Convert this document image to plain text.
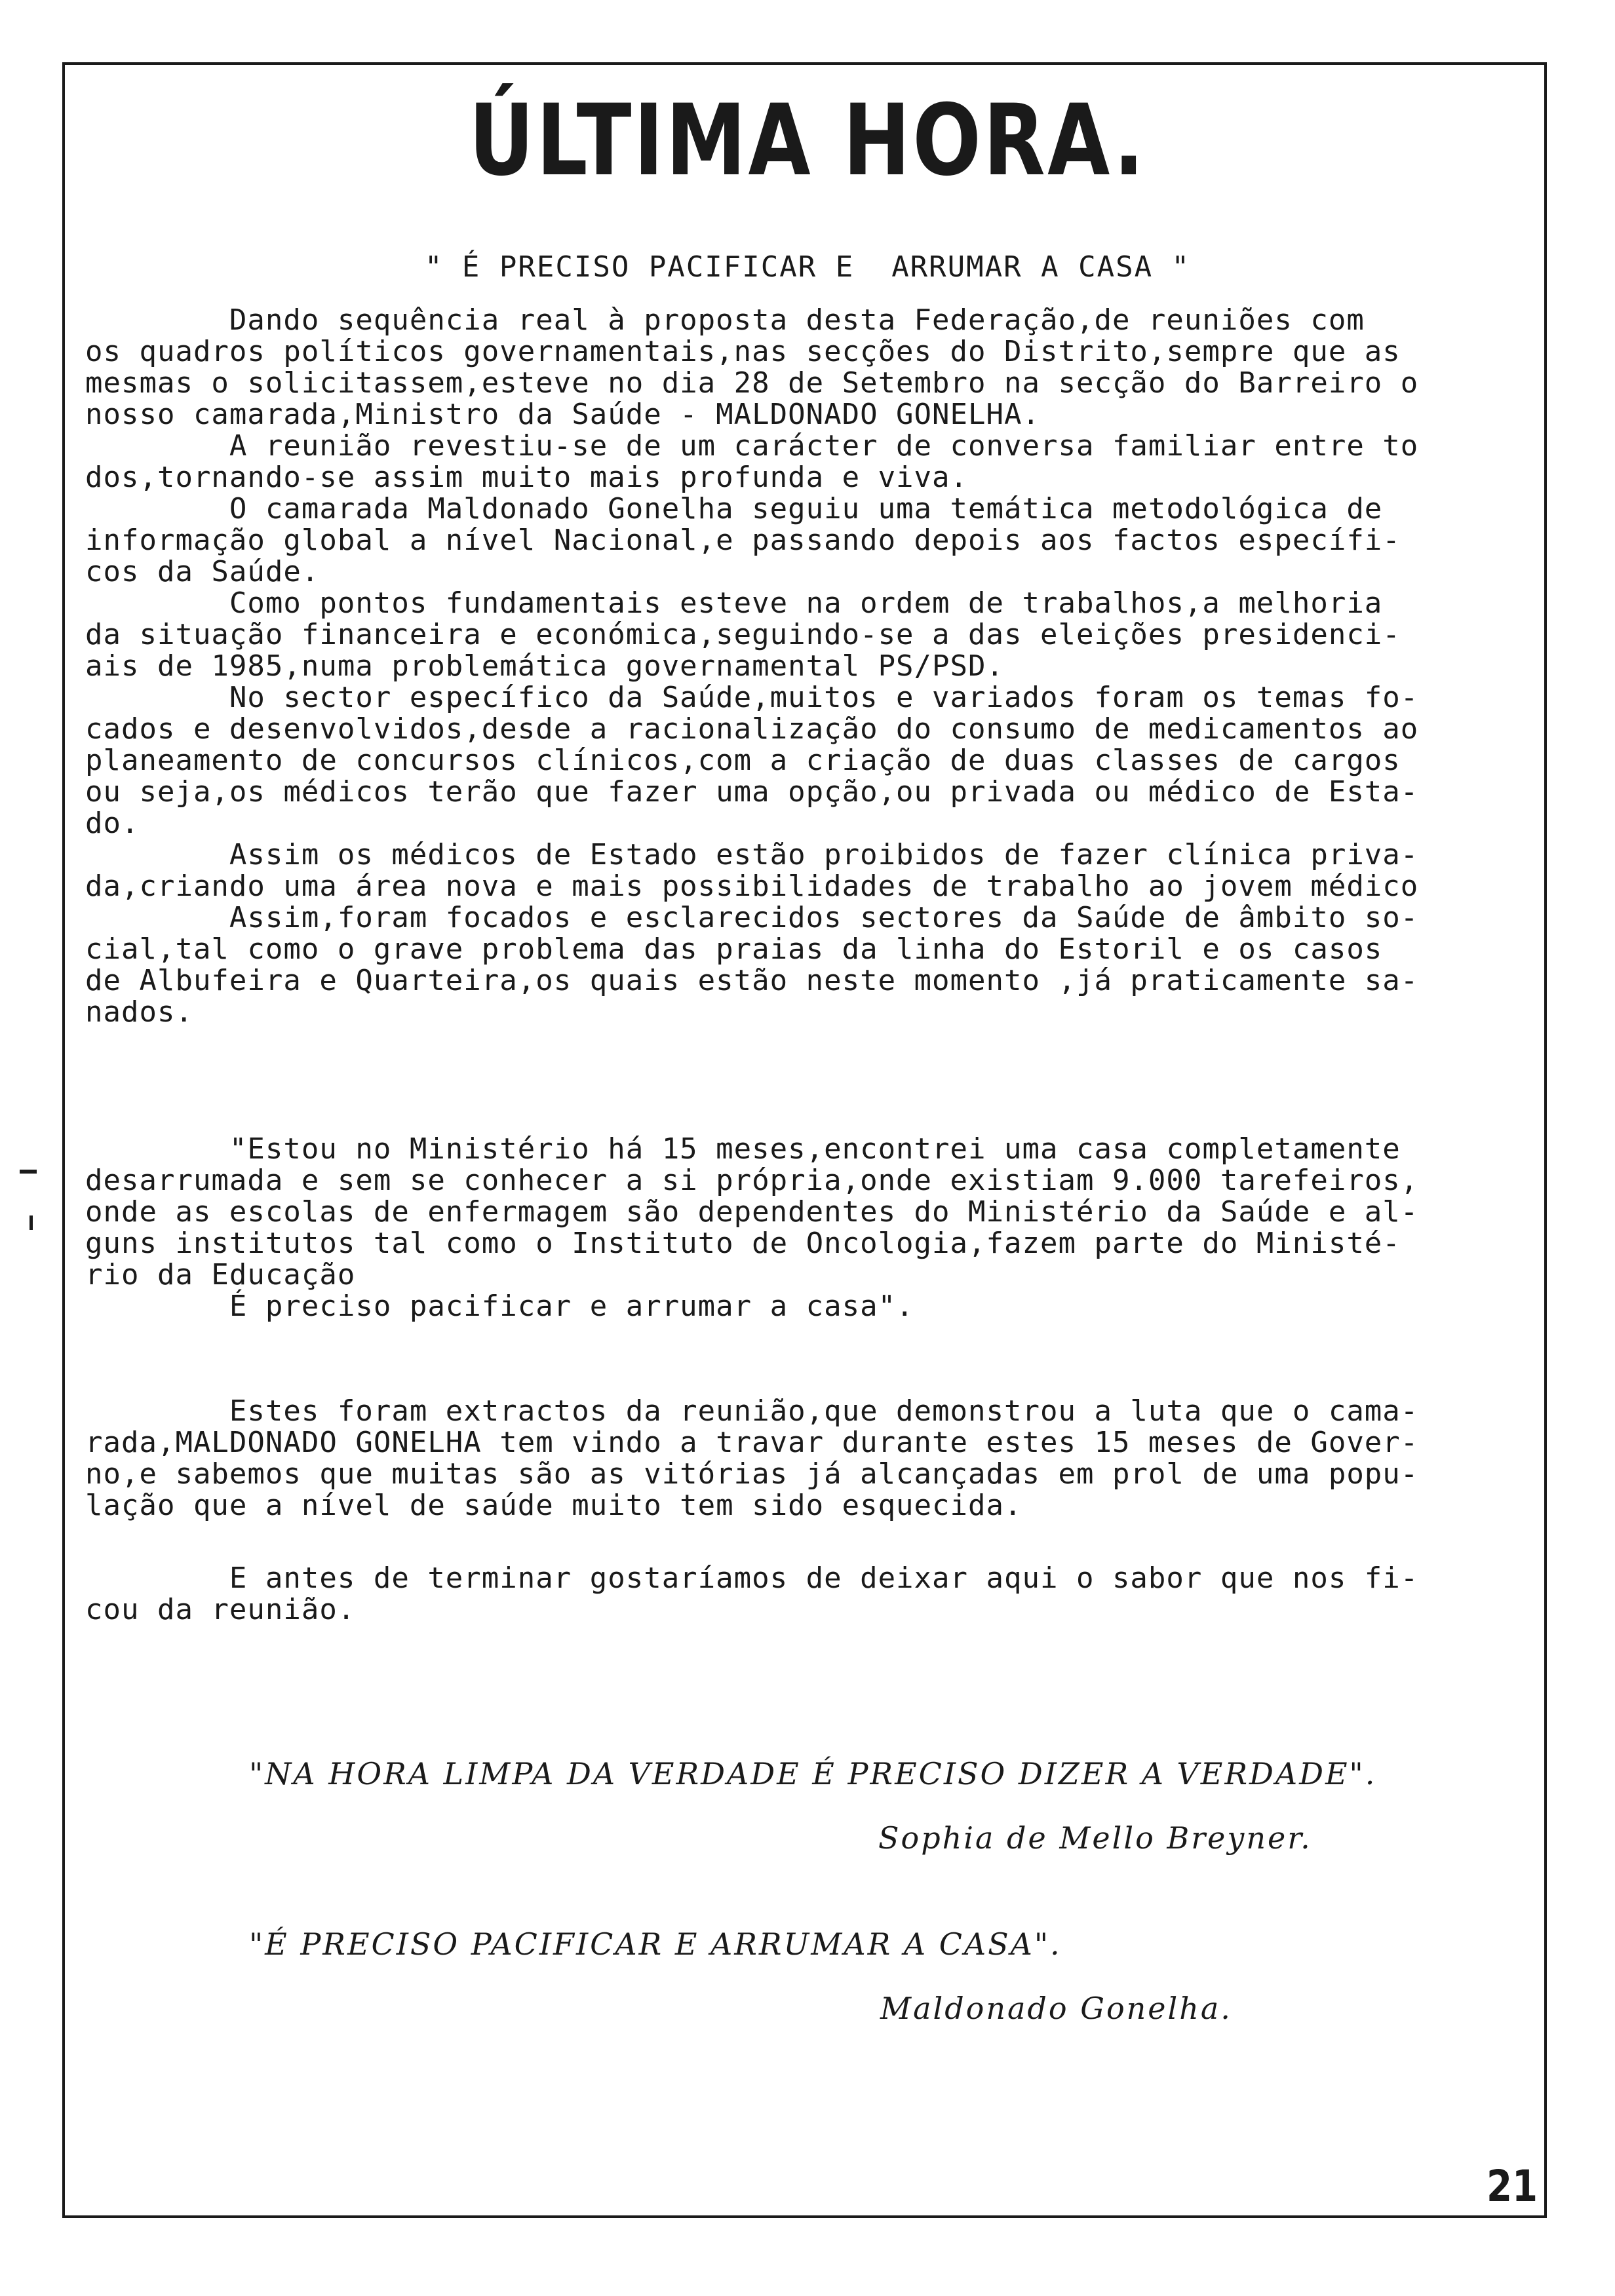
ÚLTIMA HORA.
" É PRECISO PACIFICAR E  ARRUMAR A CASA "
Dando sequência real à proposta desta Federação,de reuniões com
os quadros políticos governamentais,nas secções do Distrito,sempre que as
mesmas o solicitassem,esteve no dia 28 de Setembro na secção do Barreiro o
nosso camarada,Ministro da Saúde - MALDONADO GONELHA.
A reunião revestiu-se de um carácter de conversa familiar entre to
dos,tornando-se assim muito mais profunda e viva.
O camarada Maldonado Gonelha seguiu uma temática metodológica de
informação global a nível Nacional,e passando depois aos factos específi-
cos da Saúde.
Como pontos fundamentais esteve na ordem de trabalhos,a melhoria
da situação financeira e económica,seguindo-se a das eleições presidenci-
ais de 1985,numa problemática governamental PS/PSD.
No sector específico da Saúde,muitos e variados foram os temas fo-
cados e desenvolvidos,desde a racionalização do consumo de medicamentos ao
planeamento de concursos clínicos,com a criação de duas classes de cargos
ou seja,os médicos terão que fazer uma opção,ou privada ou médico de Esta-
do.
Assim os médicos de Estado estão proibidos de fazer clínica priva-
da,criando uma área nova e mais possibilidades de trabalho ao jovem médico
Assim,foram focados e esclarecidos sectores da Saúde de âmbito so-
cial,tal como o grave problema das praias da linha do Estoril e os casos
de Albufeira e Quarteira,os quais estão neste momento ,já praticamente sa-
nados.
"Estou no Ministério há 15 meses,encontrei uma casa completamente
desarrumada e sem se conhecer a si própria,onde existiam 9.000 tarefeiros,
onde as escolas de enfermagem são dependentes do Ministério da Saúde e al-
guns institutos tal como o Instituto de Oncologia,fazem parte do Ministé-
rio da Educação
É preciso pacificar e arrumar a casa".
Estes foram extractos da reunião,que demonstrou a luta que o cama-
rada,MALDONADO GONELHA tem vindo a travar durante estes 15 meses de Gover-
no,e sabemos que muitas são as vitórias já alcançadas em prol de uma popu-
lação que a nível de saúde muito tem sido esquecida.
E antes de terminar gostaríamos de deixar aqui o sabor que nos fi-
cou da reunião.
"NA HORA LIMPA DA VERDADE É PRECISO DIZER A VERDADE".
Sophia de Mello Breyner.
"É PRECISO PACIFICAR E ARRUMAR A CASA".
Maldonado Gonelha.
21
